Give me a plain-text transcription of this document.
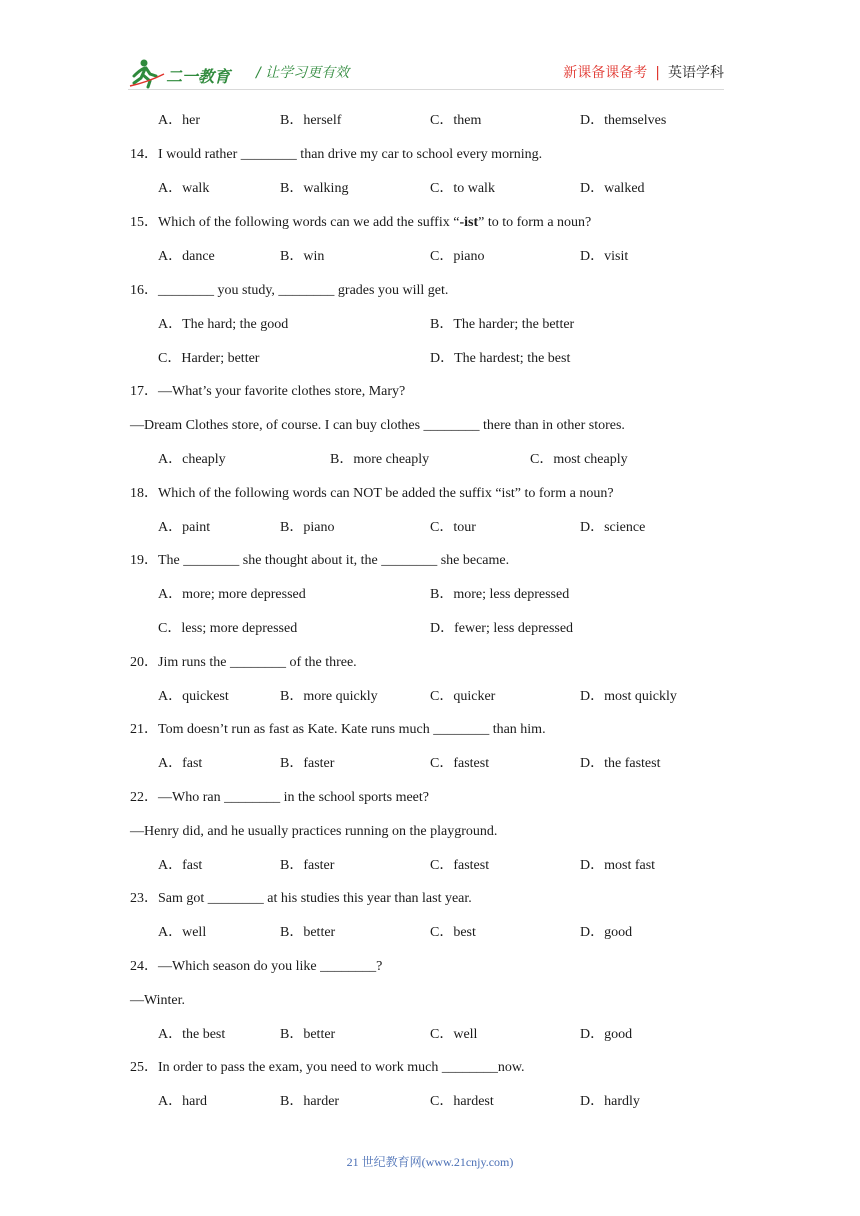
二一教育 / 让学习更有效	新课备课备考 | 英语学科
A．her	B．herself	C．them	D．themselves
14．I would rather ________ than drive my car to school every morning.
A．walk	B．walking	C．to walk	D．walked
15．Which of the following words can we add the suffix “-ist” to to form a noun?
A．dance	B．win	C．piano	D．visit
16．________ you study, ________ grades you will get.
A．The hard; the good	B．The harder; the better
C．Harder; better	D．The hardest; the best
17．—What’s your favorite clothes store, Mary?
—Dream Clothes store, of course. I can buy clothes ________ there than in other stores.
A．cheaply	B．more cheaply	C．most cheaply
18．Which of the following words can NOT be added the suffix “ist” to form a noun?
A．paint	B．piano	C．tour	D．science
19．The ________ she thought about it, the ________ she became.
A．more; more depressed	B．more; less depressed
C．less; more depressed	D．fewer; less depressed
20．Jim runs the ________ of the three.
A．quickest	B．more quickly	C．quicker	D．most quickly
21．Tom doesn’t run as fast as Kate. Kate runs much ________ than him.
A．fast	B．faster	C．fastest	D．the fastest
22．—Who ran ________ in the school sports meet?
—Henry did, and he usually practices running on the playground.
A．fast	B．faster	C．fastest	D．most fast
23．Sam got ________ at his studies this year than last year.
A．well	B．better	C．best	D．good
24．—Which season do you like ________?
—Winter.
A．the best	B．better	C．well	D．good
25．In order to pass the exam, you need to work much ________now.
A．hard	B．harder	C．hardest	D．hardly
21 世纪教育网(www.21cnjy.com)
